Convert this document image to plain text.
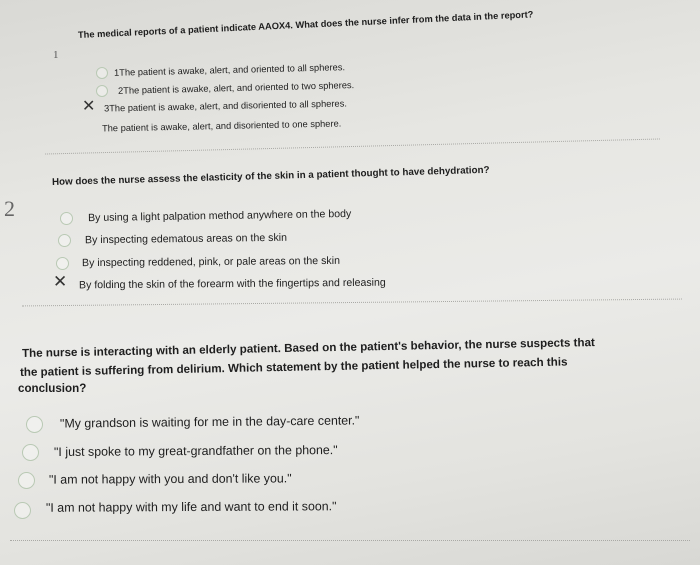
1

The medical reports of a patient indicate AAOX4. What does the nurse infer from the data in the report?

1The patient is awake, alert, and oriented to all spheres.
2The patient is awake, alert, and oriented to two spheres.
✕ 3The patient is awake, alert, and disoriented to all spheres.
The patient is awake, alert, and disoriented to one sphere.
2

How does the nurse assess the elasticity of the skin in a patient thought to have dehydration?

By using a light palpation method anywhere on the body
By inspecting edematous areas on the skin
By inspecting reddened, pink, or pale areas on the skin
✕ By folding the skin of the forearm with the fingertips and releasing
The nurse is interacting with an elderly patient. Based on the patient's behavior, the nurse suspects that
the patient is suffering from delirium. Which statement by the patient helped the nurse to reach this
conclusion?
"My grandson is waiting for me in the day-care center."
"I just spoke to my great-grandfather on the phone."
"I am not happy with you and don't like you."
"I am not happy with my life and want to end it soon."
